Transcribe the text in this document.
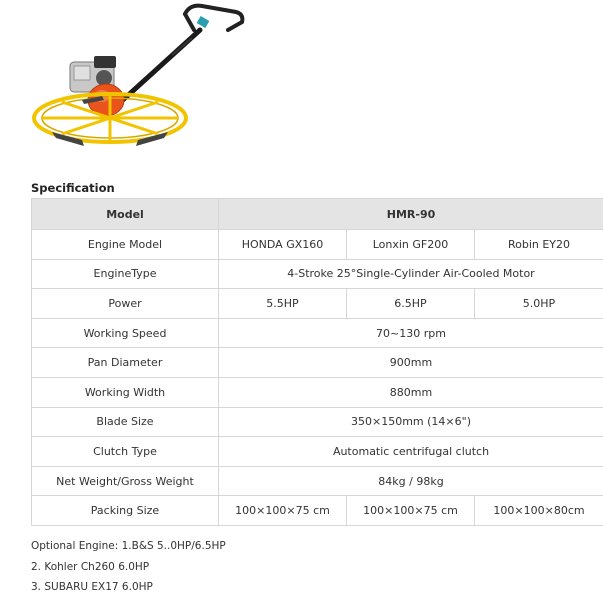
Specification
Model	HMR-90		
Engine Model	HONDA GX160	Lonxin GF200	Robin EY20
EngineType	4-Stroke 25°Single-Cylinder Air-Cooled Motor		
Power	5.5HP	6.5HP	5.0HP
Working Speed	70~130 rpm		
Pan Diameter	900mm		
Working Width	880mm		
Blade Size	350×150mm (14×6")		
Clutch Type	Automatic centrifugal clutch		
Net Weight/Gross Weight	84kg / 98kg		
Packing Size	100×100×75 cm	100×100×75 cm	100×100×80cm
Optional Engine: 1.B&S 5..0HP/6.5HP
2. Kohler Ch260 6.0HP
3. SUBARU EX17 6.0HP
